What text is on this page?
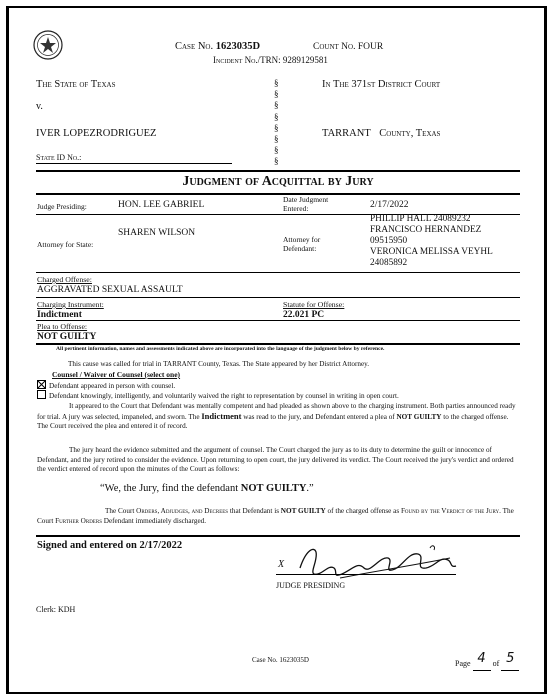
Case No. 1623035D	Count No. FOUR
Incident No./TRN: 9289129581
The State of Texas
v.
IVER LOPEZRODRIGUEZ
State ID No.:
§
§
§
§
§
§
§
§
In The 371st District Court
TARRANT County, Texas
Judgment of Acquittal by Jury
Judge Presiding:	HON. LEE GABRIEL
Date Judgment
Entered:	2/17/2022
Attorney for State:
SHAREN WILSON
Attorney for
Defendant:
PHILLIP HALL 24089232
FRANCISCO HERNANDEZ
09515950
VERONICA MELISSA VEYHL
24085892
Charged Offense:
AGGRAVATED SEXUAL ASSAULT
Charging Instrument:
Indictment
Statute for Offense:
22.021 PC
Plea to Offense:
NOT GUILTY
All pertinent information, names and assessments indicated above are incorporated into the language of the judgment below by reference.
This cause was called for trial in TARRANT County, Texas. The State appeared by her District Attorney.
Counsel / Waiver of Counsel (select one)
Defendant appeared in person with counsel.
Defendant knowingly, intelligently, and voluntarily waived the right to representation by counsel in writing in open court.
It appeared to the Court that Defendant was mentally competent and had pleaded as shown above to the charging instrument. Both parties announced ready for trial. A jury was selected, impaneled, and sworn. The Indictment was read to the jury, and Defendant entered a plea of NOT GUILTY to the charged offense. The Court received the plea and entered it of record.
The jury heard the evidence submitted and the argument of counsel. The Court charged the jury as to its duty to determine the guilt or innocence of Defendant, and the jury retired to consider the evidence. Upon returning to open court, the jury delivered its verdict. The Court received the jury's verdict and ordered the verdict entered of record upon the minutes of the Court as follows:
“We, the Jury, find the defendant NOT GUILTY.”
The Court Orders, Adjudges, and Decrees that Defendant is NOT GUILTY of the charged offense as Found by the Verdict of the Jury. The Court Further Orders Defendant immediately discharged.
Signed and entered on 2/17/2022
X
JUDGE PRESIDING
Clerk: KDH
Case No. 1623035D	Page 4 of 5
